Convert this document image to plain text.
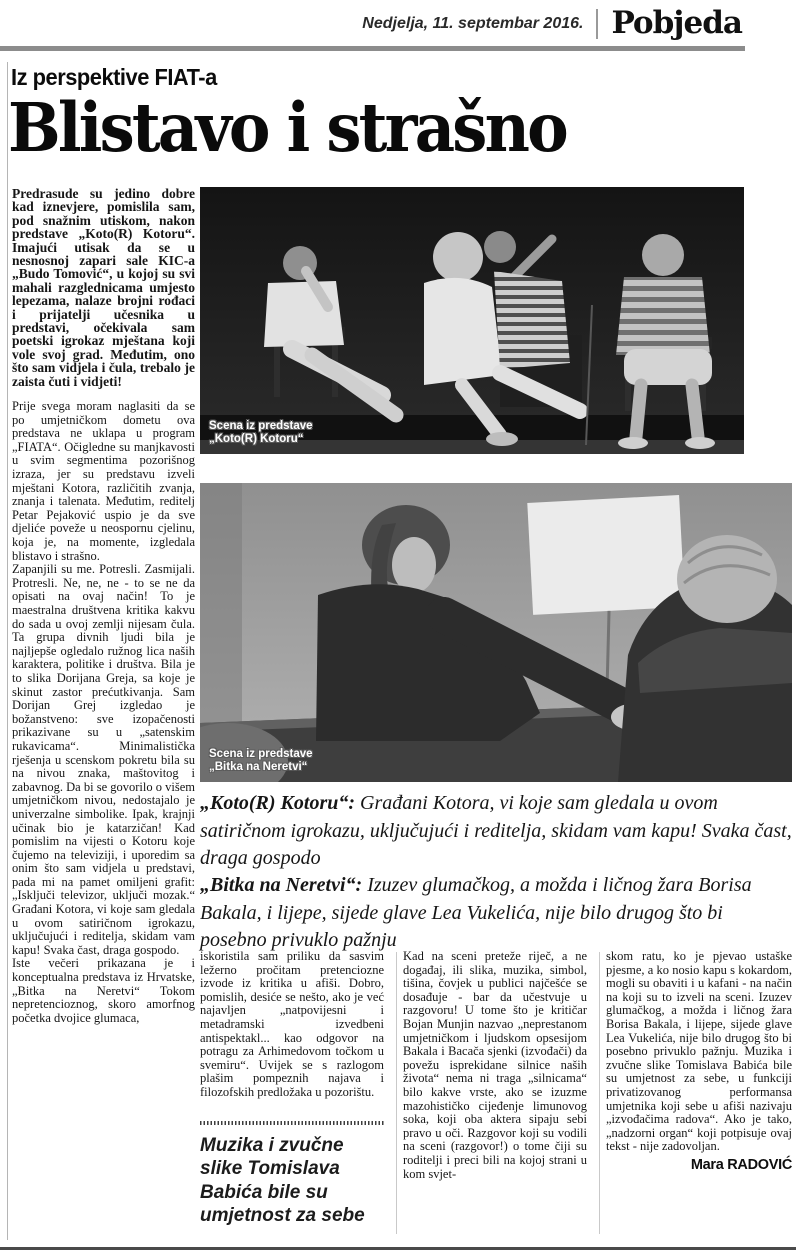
Nedjelja, 11. septembar 2016. Pobjeda
Iz perspektive FIAT-a
Blistavo i strašno

Predrasude su jedino dobre kad iznevjere, pomislila sam, pod snažnim utiskom, nakon predstave „Koto(R) Kotoru“. Imajući utisak da se u nesnosnoj zapari sale KIC-a „Budo Tomović“, u kojoj su svi mahali razglednicama umjesto lepezama, nalaze brojni rođaci i prijatelji učesnika u predstavi, očekivala sam poetski igrokaz mještana koji vole svoj grad. Međutim, ono što sam vidjela i čula, trebalo je zaista čuti i vidjeti!

Prije svega moram naglasiti da se po umjetničkom dometu ova predstava ne uklapa u program „FIATA“. Očigledne su manjkavosti u svim segmentima pozorišnog izraza, jer su predstavu izveli mještani Kotora, različitih zvanja, znanja i talenata. Međutim, reditelj Petar Pejaković uspio je da sve djeliće poveže u neospornu cjelinu, koja je, na momente, izgledala blistavo i strašno.

Zapanjili su me. Potresli. Zasmijali. Protresli. Ne, ne, ne - to se ne da opisati na ovaj način! To je maestralna društvena kritika kakvu do sada u ovoj zemlji nijesam čula. Ta grupa divnih ljudi bila je najljepše ogledalo ružnog lica naših karaktera, politike i društva. Bila je to slika Dorijana Greja, sa koje je skinut zastor prećutkivanja. Sam Dorijan Grej izgledao je božanstveno: sve izopačenosti prikazivane su u „satenskim rukavicama“. Minimalistička rješenja u scenskom pokretu bila su na nivou znaka, maštovitog i zabavnog. Da bi se govorilo o višem umjetničkom nivou, nedostajalo je univerzalne simbolike. Ipak, krajnji učinak bio je katarzičan! Kad pomislim na vijesti o Kotoru koje čujemo na televiziji, i uporedim sa onim što sam vidjela u predstavi, pada mi na pamet omiljeni grafit: „Isključi televizor, uključi mozak.“ Građani Kotora, vi koje sam gledala u ovom satiričnom igrokazu, uključujući i reditelja, skidam vam kapu! Svaka čast, draga gospodo.

Iste večeri prikazana je i konceptualna predstava iz Hrvatske, „Bitka na Neretvi“ Tokom nepretencioznog, skoro amorfnog početka dvojice glumaca,

Scena iz predstave
„Koto(R) Kotoru“
Scena iz predstave
„Bitka na Neretvi“
„Koto(R) Kotoru“: Građani Kotora, vi koje sam gledala u ovom satiričnom igrokazu, uključujući i reditelja, skidam vam kapu! Svaka čast, draga gospodo
„Bitka na Neretvi“: Izuzev glumačkog, a možda i ličnog žara Borisa Bakala, i lijepe, sijede glave Lea Vukelića, nije bilo drugog što bi posebno privuklo pažnju

iskoristila sam priliku da sasvim ležerno pročitam pretenciozne izvode iz kritika u afiši. Dobro, pomislih, desiće se nešto, ako je već najavljen „natpovijesni i metadramski izvedbeni antispektakl... kao odgovor na potragu za Arhimedovom točkom u svemiru“. Uvijek se s razlogom plašim pompeznih najava i filozofskih predložaka u pozorištu.

Muzika i zvučne slike Tomislava Babića bile su umjetnost za sebe

Kad na sceni preteže riječ, a ne događaj, ili slika, muzika, simbol, tišina, čovjek u publici najčešće se dosađuje - bar da učestvuje u razgovoru! U tome što je kritičar Bojan Munjin nazvao „neprestanom umjetničkom i ljudskom opsesijom Bakala i Bacača sjenki (izvođači) da povežu isprekidane silnice naših života“ nema ni traga „silnicama“ bilo kakve vrste, ako se izuzme mazohističko cijeđenje limunovog soka, koji oba aktera sipaju sebi pravo u oči. Razgovor koji su vodili na sceni (razgovor!) o tome čiji su roditelji i preci bili na kojoj strani u kom svjet-

skom ratu, ko je pjevao ustaške pjesme, a ko nosio kapu s kokardom, mogli su obaviti i u kafani - na način na koji su to izveli na sceni. Izuzev glumačkog, a možda i ličnog žara Borisa Bakala, i lijepe, sijede glave Lea Vukelića, nije bilo drugog što bi posebno privuklo pažnju. Muzika i zvučne slike Tomislava Babića bile su umjetnost za sebe, u funkciji privatizovanog performansa umjetnika koji sebe u afiši nazivaju „izvođačima radova“. Ako je tako, „nadzorni organ“ koji potpisuje ovaj tekst - nije zadovoljan.

Mara RADOVIĆ
